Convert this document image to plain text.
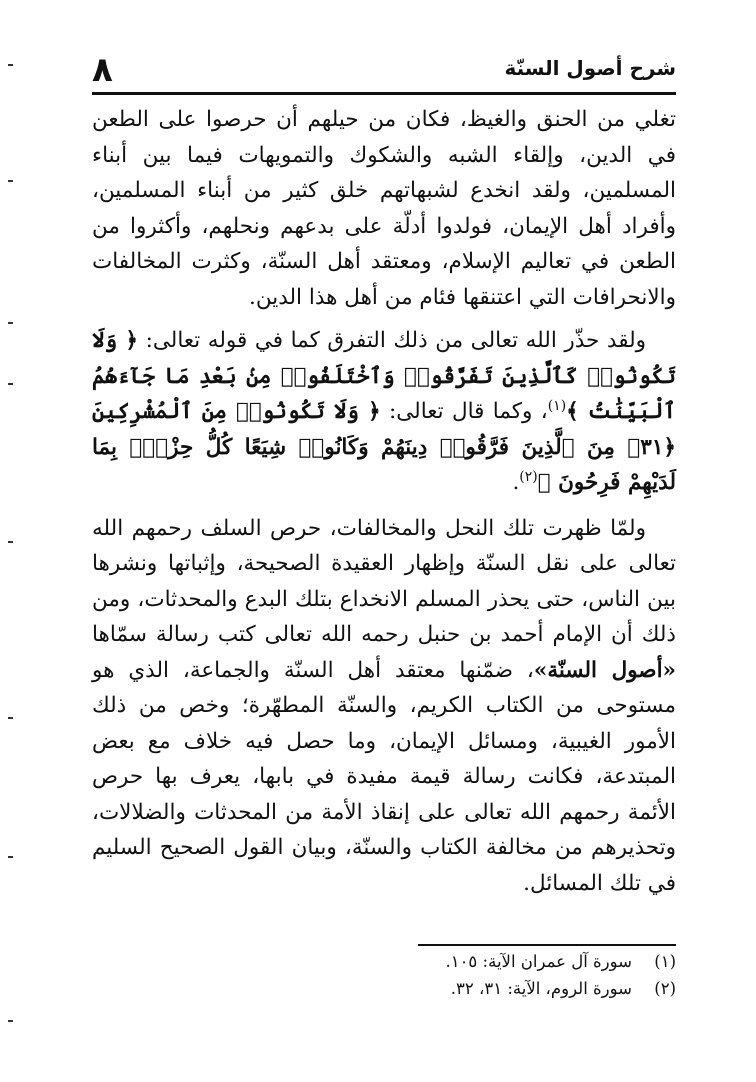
٨	شرح أصول السنّة

تغلي من الحنق والغيظ، فكان من حيلهم أن حرصوا على الطعن في الدين، وإلقاء الشبه والشكوك والتمويهات فيما بين أبناء المسلمين، ولقد انخدع لشبهاتهم خلق كثير من أبناء المسلمين، وأفراد أهل الإيمان، فولدوا أدلّة على بدعهم ونحلهم، وأكثروا من الطعن في تعاليم الإسلام، ومعتقد أهل السنّة، وكثرت المخالفات والانحرافات التي اعتنقها فئام من أهل هذا الدين.

ولقد حذّر الله تعالى من ذلك التفرق كما في قوله تعالى: ﴿ وَلَا تَكُونُوا۟ كَٱلَّذِينَ تَفَرَّقُوا۟ وَٱخْتَلَفُوا۟ مِنۢ بَعْدِ مَا جَآءَهُمُ ٱلْبَيِّنَٰتُ ﴾$^{(١)}$، وكما قال تعالى: ﴿ وَلَا تَكُونُوا۟ مِنَ ٱلْمُشْرِكِينَ ﴿٣١﴾ مِنَ ٱلَّذِينَ فَرَّقُوا۟ دِينَهُمْ وَكَانُوا۟ شِيَعًا كُلُّ حِزْبٍۭ بِمَا لَدَيْهِمْ فَرِحُونَ ﴾$^{(٢)}$.

ولمّا ظهرت تلك النحل والمخالفات، حرص السلف رحمهم الله تعالى على نقل السنّة وإظهار العقيدة الصحيحة، وإثباتها ونشرها بين الناس، حتى يحذر المسلم الانخداع بتلك البدع والمحدثات، ومن ذلك أن الإمام أحمد بن حنبل رحمه الله تعالى كتب رسالة سمّاها «أصول السنّة»، ضمّنها معتقد أهل السنّة والجماعة، الذي هو مستوحى من الكتاب الكريم، والسنّة المطهّرة؛ وخص من ذلك الأمور الغيبية، ومسائل الإيمان، وما حصل فيه خلاف مع بعض المبتدعة، فكانت رسالة قيمة مفيدة في بابها، يعرف بها حرص الأئمة رحمهم الله تعالى على إنقاذ الأمة من المحدثات والضلالات، وتحذيرهم من مخالفة الكتاب والسنّة، وبيان القول الصحيح السليم في تلك المسائل.

(١)سورة آل عمران الآية: ١٠٥.
(٢)سورة الروم، الآية: ٣١، ٣٢.
